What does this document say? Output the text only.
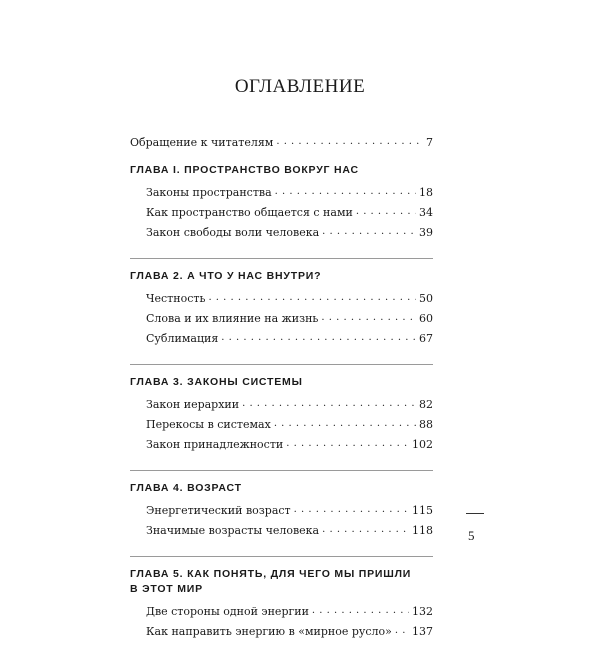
ОГЛАВЛЕНИЕ
Обращение к читателям . . .	7
ГЛАВА I. ПРОСТРАНСТВО ВОКРУГ НАС
Законы пространства . . .	18
Как пространство общается с нами . . .	34
Закон свободы воли человека . . .	39
ГЛАВА 2. А ЧТО У НАС ВНУТРИ?
Честность . . .	50
Слова и их влияние на жизнь . . .	60
Сублимация . . .	67
ГЛАВА 3. ЗАКОНЫ СИСТЕМЫ
Закон иерархии . . .	82
Перекосы в системах . . .	88
Закон принадлежности . . .	102
ГЛАВА 4. ВОЗРАСТ
Энергетический возраст . . .	115
Значимые возрасты человека . . .	118
ГЛАВА 5. КАК ПОНЯТЬ, ДЛЯ ЧЕГО МЫ ПРИШЛИ
В ЭТОТ МИР
Две стороны одной энергии . . .	132
Как направить энергию в «мирное русло» . . . 137
5
